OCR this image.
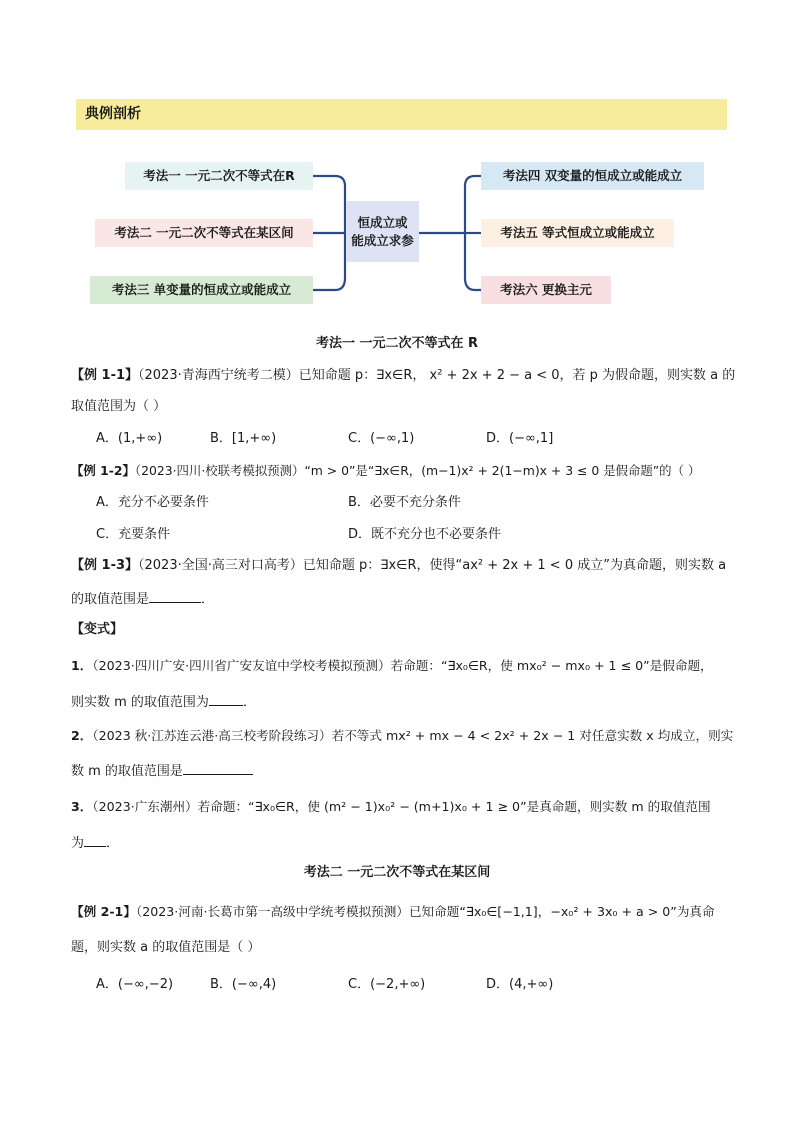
典例剖析
考法一 一元二次不等式在R
考法二 一元二次不等式在某区间
考法三 单变量的恒成立或能成立
恒成立或
能成立求参
考法四 双变量的恒成立或能成立
考法五 等式恒成立或能成立
考法六 更换主元
考法一 一元二次不等式在 R
【例 1-1】（2023·青海西宁统考二模）已知命题 p：∃x∈R， x² + 2x + 2 − a < 0，若 p 为假命题，则实数 a 的
取值范围为（ ）
A．(1,+∞)	B．[1,+∞)	C．(−∞,1)	D．(−∞,1]
【例 1-2】（2023·四川·校联考模拟预测）“m > 0”是“∃x∈R，(m−1)x² + 2(1−m)x + 3 ≤ 0 是假命题”的（ ）
A．充分不必要条件	B．必要不充分条件
C．充要条件	D．既不充分也不必要条件
【例 1-3】（2023·全国·高三对口高考）已知命题 p：∃x∈R，使得“ax² + 2x + 1 < 0 成立”为真命题，则实数 a
的取值范围是	．
【变式】
1．（2023·四川广安·四川省广安友谊中学校考模拟预测）若命题：“∃x₀∈R，使 mx₀² − mx₀ + 1 ≤ 0”是假命题，
则实数 m 的取值范围为	．
2．（2023 秋·江苏连云港·高三校考阶段练习）若不等式 mx² + mx − 4 < 2x² + 2x − 1 对任意实数 x 均成立，则实
数 m 的取值范围是
3．（2023·广东潮州）若命题：“∃x₀∈R，使 (m² − 1)x₀² − (m+1)x₀ + 1 ≥ 0”是真命题，则实数 m 的取值范围
为 ．
考法二 一元二次不等式在某区间
【例 2-1】（2023·河南·长葛市第一高级中学统考模拟预测）已知命题“∃x₀∈[−1,1]，−x₀² + 3x₀ + a > 0”为真命
题，则实数 a 的取值范围是（ ）
A．(−∞,−2)	B．(−∞,4)	C．(−2,+∞)	D．(4,+∞)
